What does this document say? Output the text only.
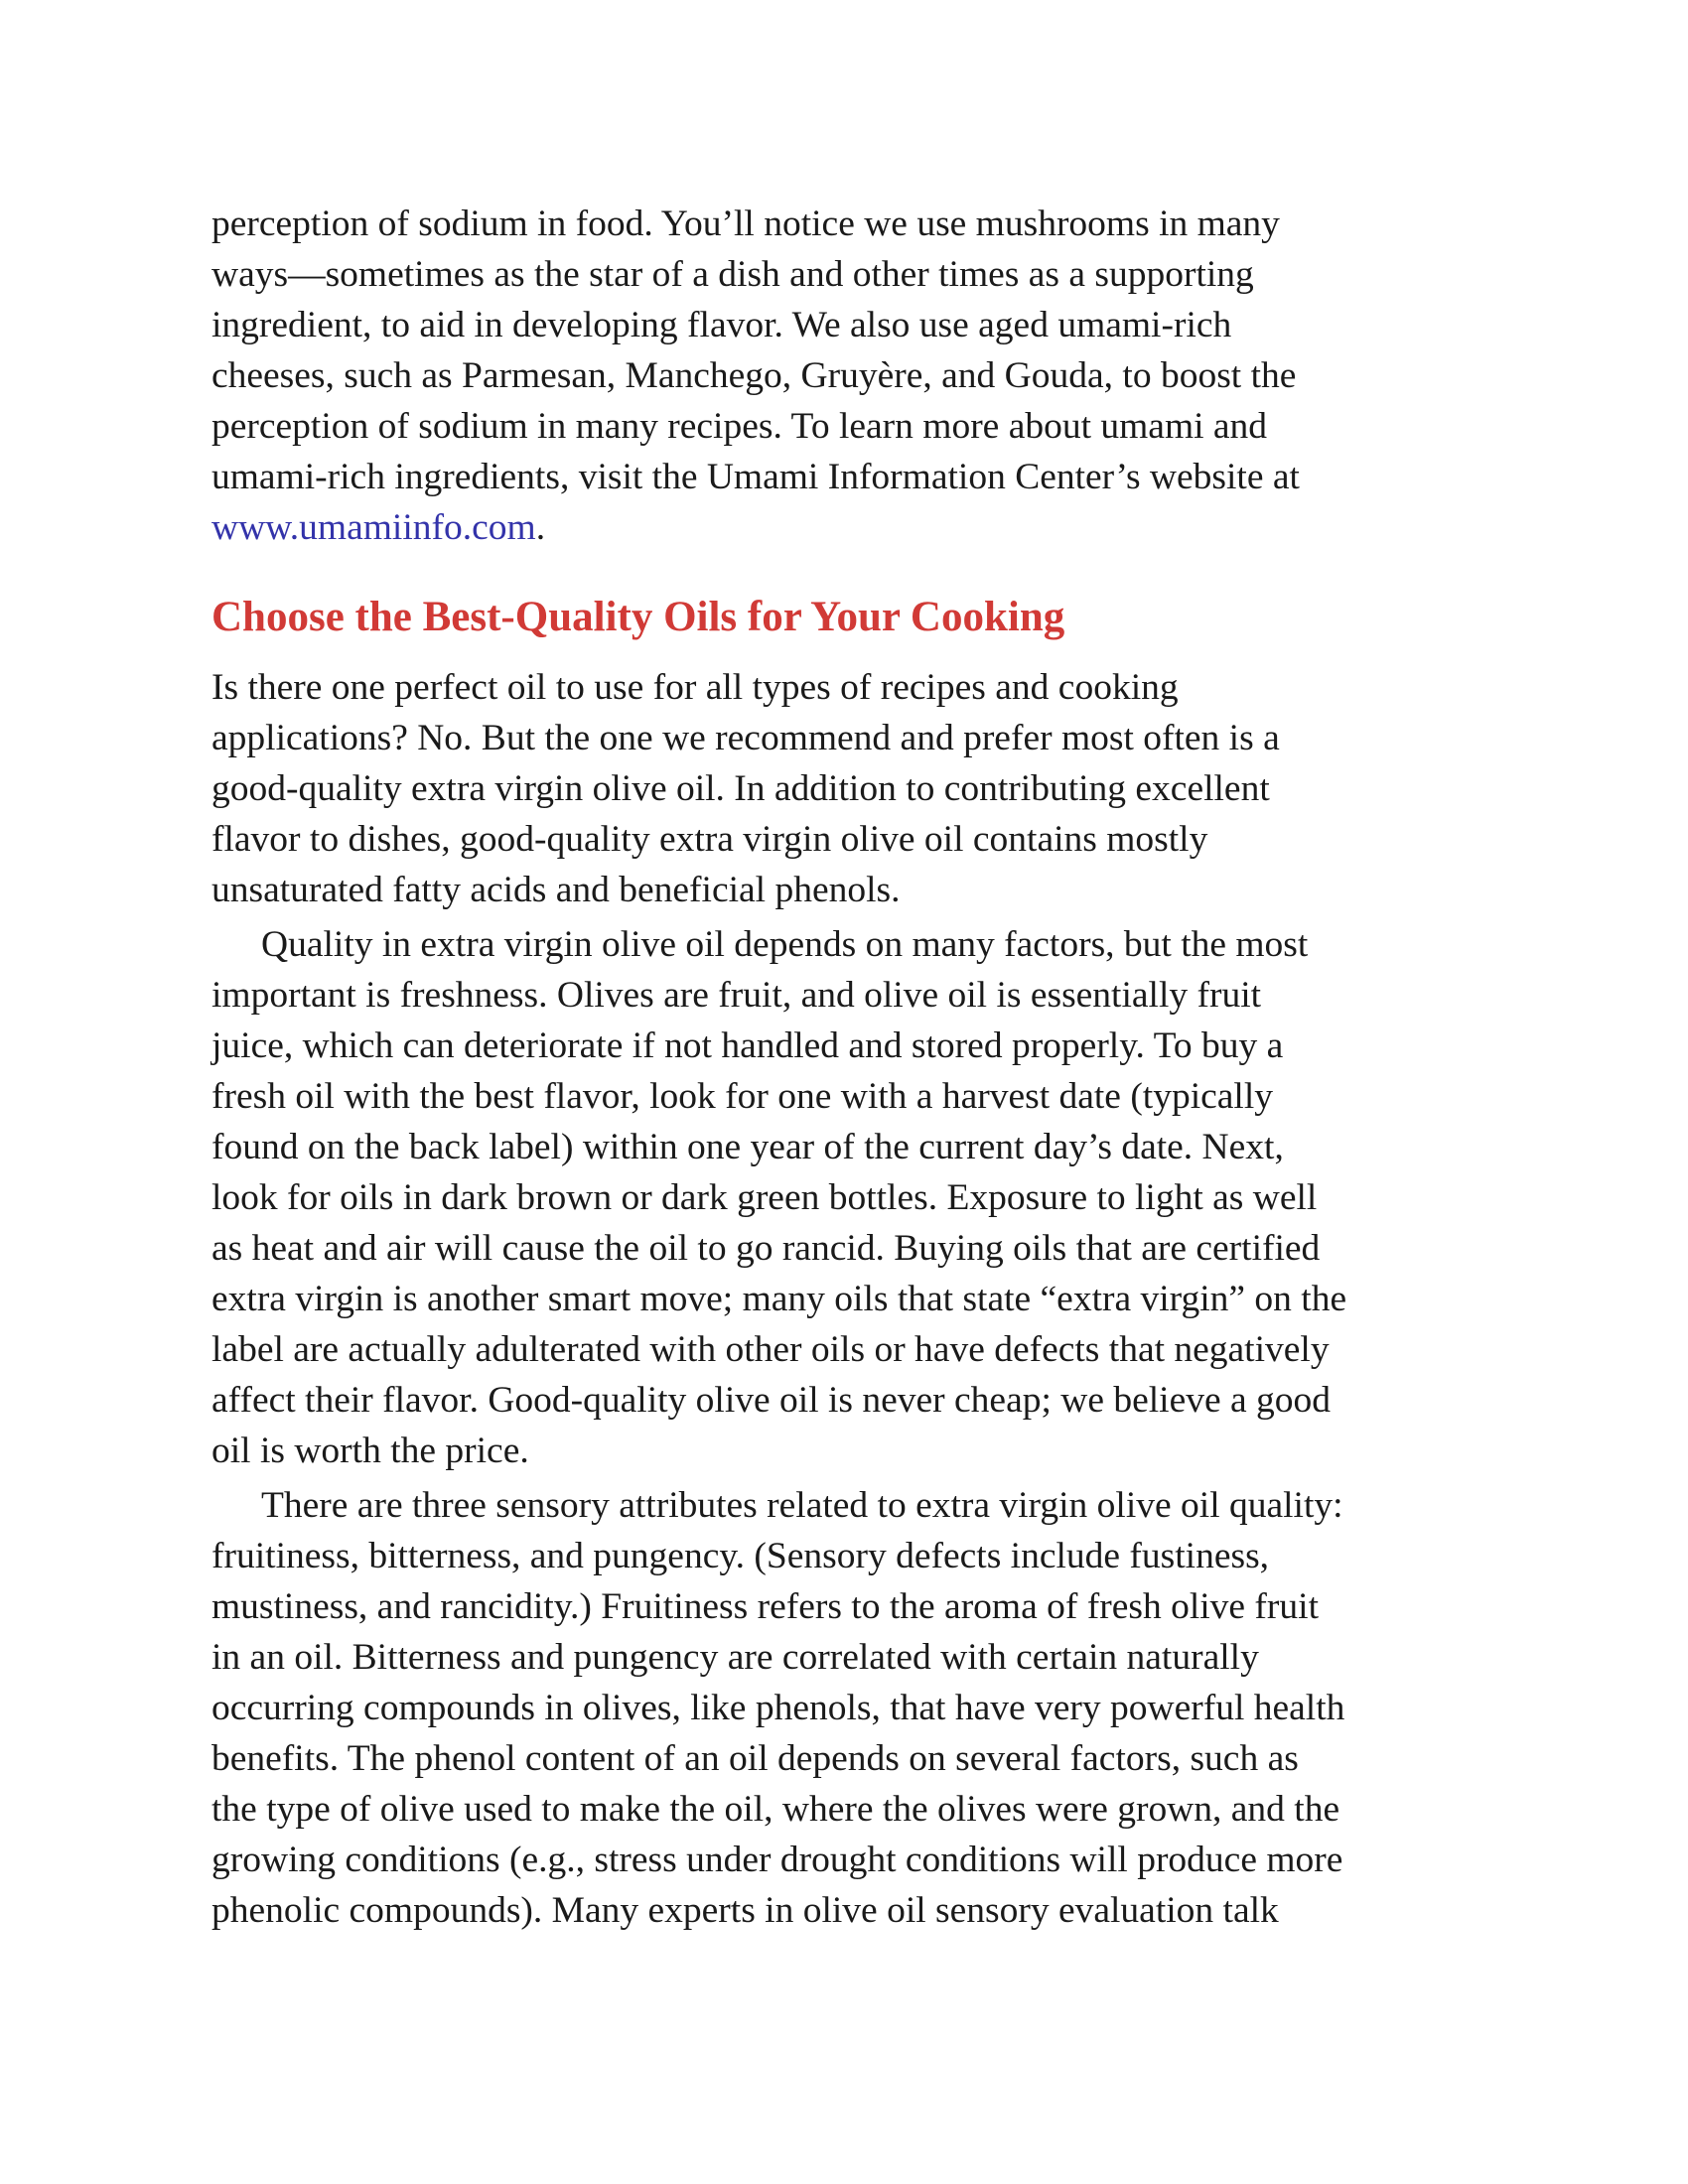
perception of sodium in food. You’ll notice we use mushrooms in many
ways—sometimes as the star of a dish and other times as a supporting
ingredient, to aid in developing flavor. We also use aged umami-rich
cheeses, such as Parmesan, Manchego, Gruyère, and Gouda, to boost the
perception of sodium in many recipes. To learn more about umami and
umami-rich ingredients, visit the Umami Information Center’s website at
www.umamiinfo.com.

Choose the Best-Quality Oils for Your Cooking

Is there one perfect oil to use for all types of recipes and cooking
applications? No. But the one we recommend and prefer most often is a
good-quality extra virgin olive oil. In addition to contributing excellent
flavor to dishes, good-quality extra virgin olive oil contains mostly
unsaturated fatty acids and beneficial phenols.

Quality in extra virgin olive oil depends on many factors, but the most
important is freshness. Olives are fruit, and olive oil is essentially fruit
juice, which can deteriorate if not handled and stored properly. To buy a
fresh oil with the best flavor, look for one with a harvest date (typically
found on the back label) within one year of the current day’s date. Next,
look for oils in dark brown or dark green bottles. Exposure to light as well
as heat and air will cause the oil to go rancid. Buying oils that are certified
extra virgin is another smart move; many oils that state “extra virgin” on the
label are actually adulterated with other oils or have defects that negatively
affect their flavor. Good-quality olive oil is never cheap; we believe a good
oil is worth the price.

There are three sensory attributes related to extra virgin olive oil quality:
fruitiness, bitterness, and pungency. (Sensory defects include fustiness,
mustiness, and rancidity.) Fruitiness refers to the aroma of fresh olive fruit
in an oil. Bitterness and pungency are correlated with certain naturally
occurring compounds in olives, like phenols, that have very powerful health
benefits. The phenol content of an oil depends on several factors, such as
the type of olive used to make the oil, where the olives were grown, and the
growing conditions (e.g., stress under drought conditions will produce more
phenolic compounds). Many experts in olive oil sensory evaluation talk
